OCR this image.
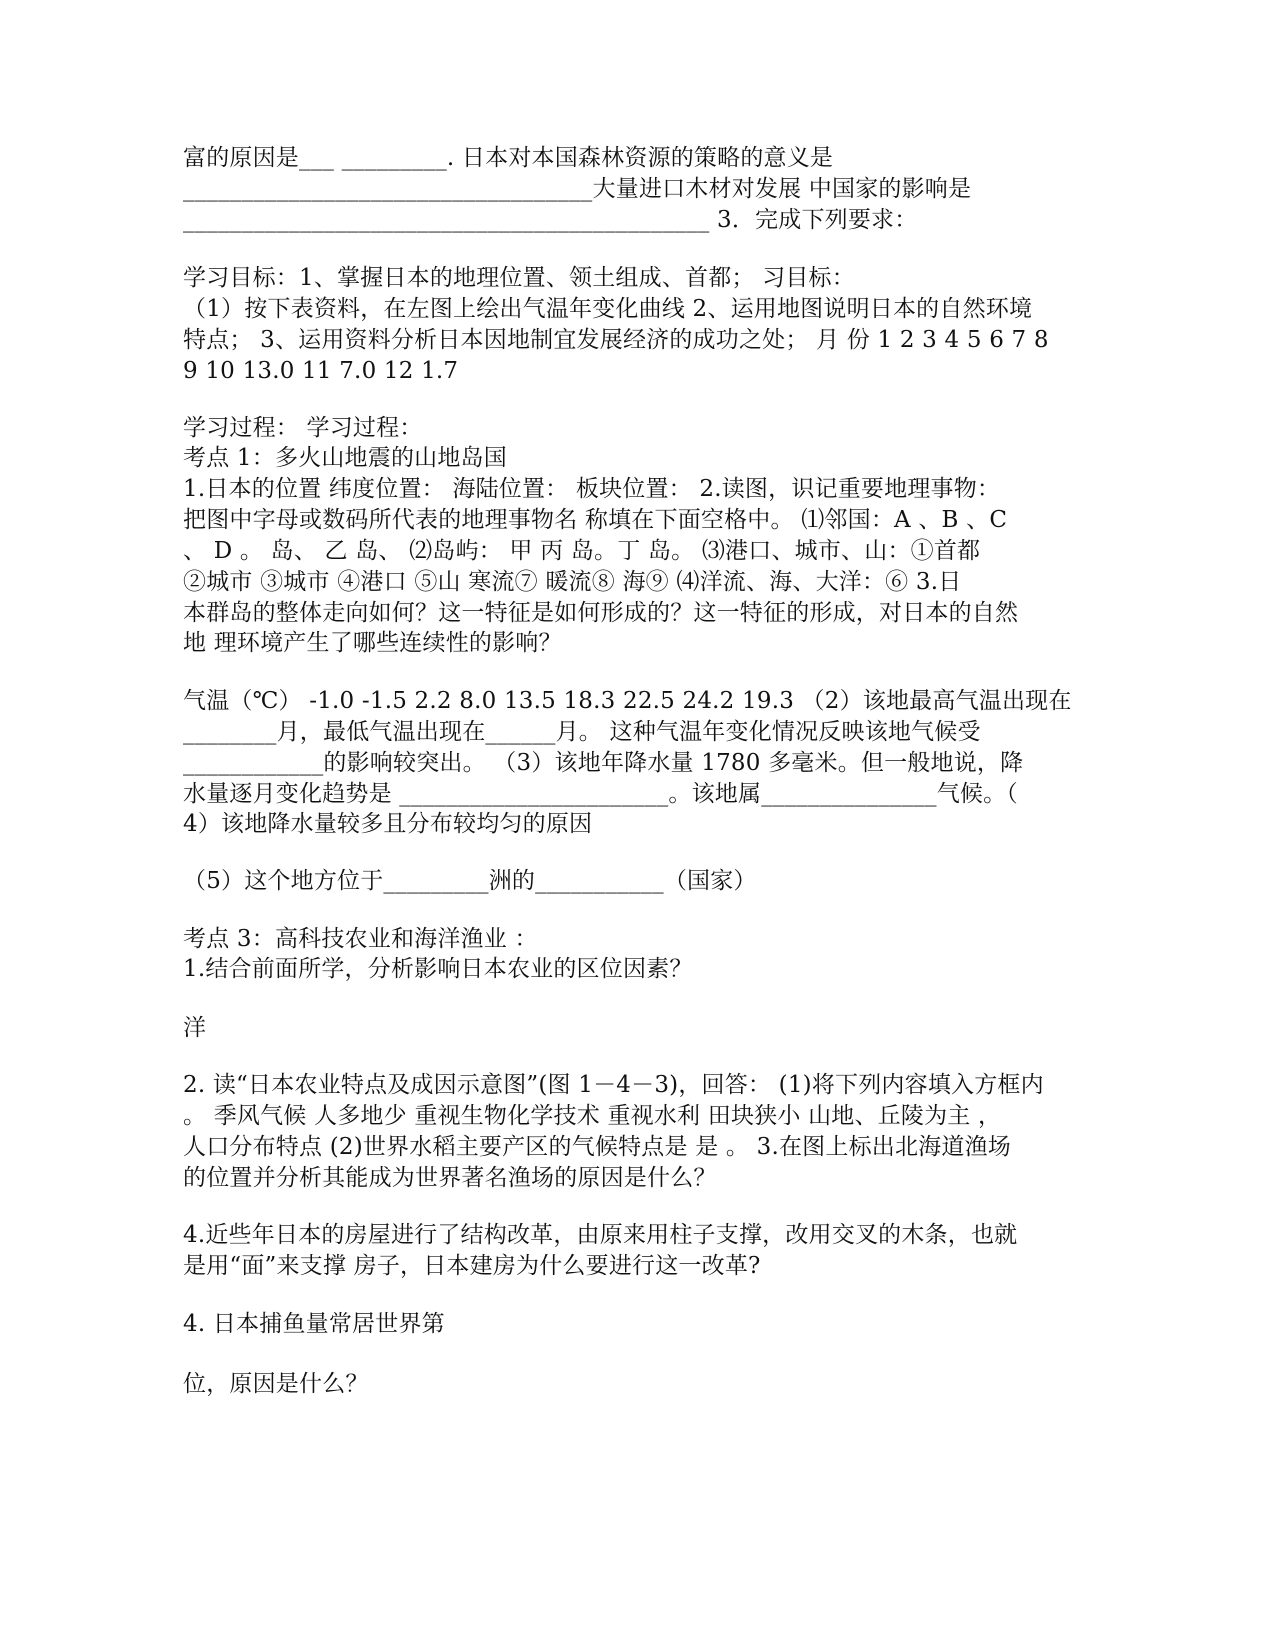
富的原因是___ _________. 日本对本国森林资源的策略的意义是
___________________________________大量进口木材对发展 中国家的影响是
_____________________________________________ 3．完成下列要求：
学习目标：1、掌握日本的地理位置、领土组成、首都； 习目标：
（1）按下表资料，在左图上绘出气温年变化曲线 2、运用地图说明日本的自然环境
特点； 3、运用资料分析日本因地制宜发展经济的成功之处； 月 份 1 2 3 4 5 6 7 8
9 10 13.0 11 7.0 12 1.7
学习过程： 学习过程：
考点 1：多火山地震的山地岛国
1.日本的位置 纬度位置： 海陆位置： 板块位置： 2.读图，识记重要地理事物：
把图中字母或数码所代表的地理事物名 称填在下面空格中。 ⑴邻国：A 、B 、C
、 D 。 岛、 乙 岛、 ⑵岛屿： 甲 丙 岛。丁 岛。 ⑶港口、城市、山：①首都
②城市 ③城市 ④港口 ⑤山 寒流⑦ 暖流⑧ 海⑨ ⑷洋流、海、大洋：⑥ 3.日
本群岛的整体走向如何？这一特征是如何形成的？这一特征的形成，对日本的自然
地 理环境产生了哪些连续性的影响？
气温（℃） -1.0 -1.5 2.2 8.0 13.5 18.3 22.5 24.2 19.3 （2）该地最高气温出现在
________月，最低气温出现在______月。 这种气温年变化情况反映该地气候受
____________的影响较突出。 （3）该地年降水量 1780 多毫米。但一般地说，降
水量逐月变化趋势是 _______________________。该地属_______________气候。（
4）该地降水量较多且分布较均匀的原因
（5）这个地方位于_________洲的___________（国家）
考点 3：高科技农业和海洋渔业 ：
1.结合前面所学，分析影响日本农业的区位因素？
洋
2. 读“日本农业特点及成因示意图”(图 1－4－3)，回答： (1)将下列内容填入方框内
。 季风气候 人多地少 重视生物化学技术 重视水利 田块狭小 山地、丘陵为主 ，
人口分布特点 (2)世界水稻主要产区的气候特点是 是 。 3.在图上标出北海道渔场
的位置并分析其能成为世界著名渔场的原因是什么？
4.近些年日本的房屋进行了结构改革，由原来用柱子支撑，改用交叉的木条，也就
是用“面”来支撑 房子，日本建房为什么要进行这一改革?
4. 日本捕鱼量常居世界第
位，原因是什么？
